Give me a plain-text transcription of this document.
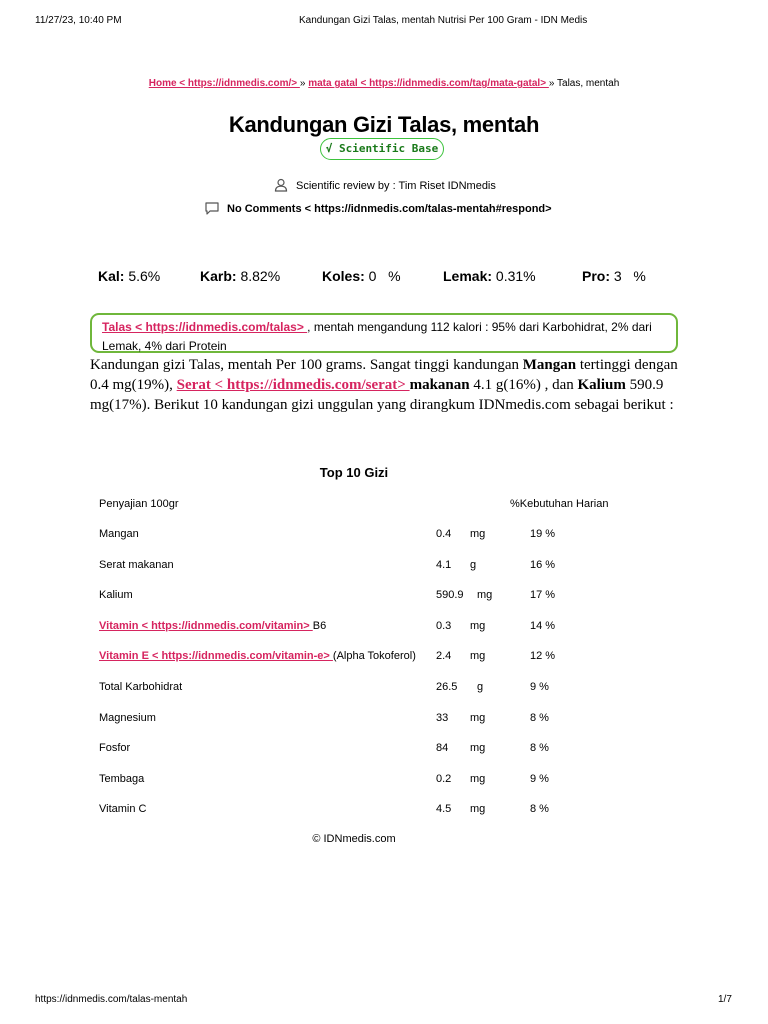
11/27/23, 10:40 PM	Kandungan Gizi Talas, mentah Nutrisi Per 100 Gram - IDN Medis
Home < https://idnmedis.com/> » mata gatal < https://idnmedis.com/tag/mata-gatal> » Talas, mentah
Kandungan Gizi Talas, mentah
√ Scientific Base
Scientific review by : Tim Riset IDNmedis
No Comments < https://idnmedis.com/talas-mentah#respond>
Kal: 5.6%	Karb: 8.82%	Koles: 0   %	Lemak: 0.31%	Pro: 3   %
Talas < https://idnmedis.com/talas> , mentah mengandung 112 kalori : 95% dari Karbohidrat, 2% dari Lemak, 4% dari Protein
Kandungan gizi Talas, mentah Per 100 grams. Sangat tinggi kandungan Mangan tertinggi dengan 0.4 mg(19%), Serat < https://idnmedis.com/serat> makanan 4.1 g(16%) , dan Kalium 590.9 mg(17%). Berikut 10 kandungan gizi unggulan yang dirangkum IDNmedis.com sebagai berikut :
Top 10 Gizi
Penyajian 100gr	%Kebutuhan Harian
Mangan	0.4 mg	19 %
Serat makanan	4.1 g	16 %
Kalium	590.9 mg	17 %
Vitamin < https://idnmedis.com/vitamin> B6	0.3 mg	14 %
Vitamin E < https://idnmedis.com/vitamin-e> (Alpha Tokoferol) 2.4 mg	12 %
Total Karbohidrat	26.5 g	9 %
Magnesium	33 mg	8 %
Fosfor	84 mg	8 %
Tembaga	0.2 mg	9 %
Vitamin C	4.5 mg	8 %
© IDNmedis.com
https://idnmedis.com/talas-mentah	1/7
